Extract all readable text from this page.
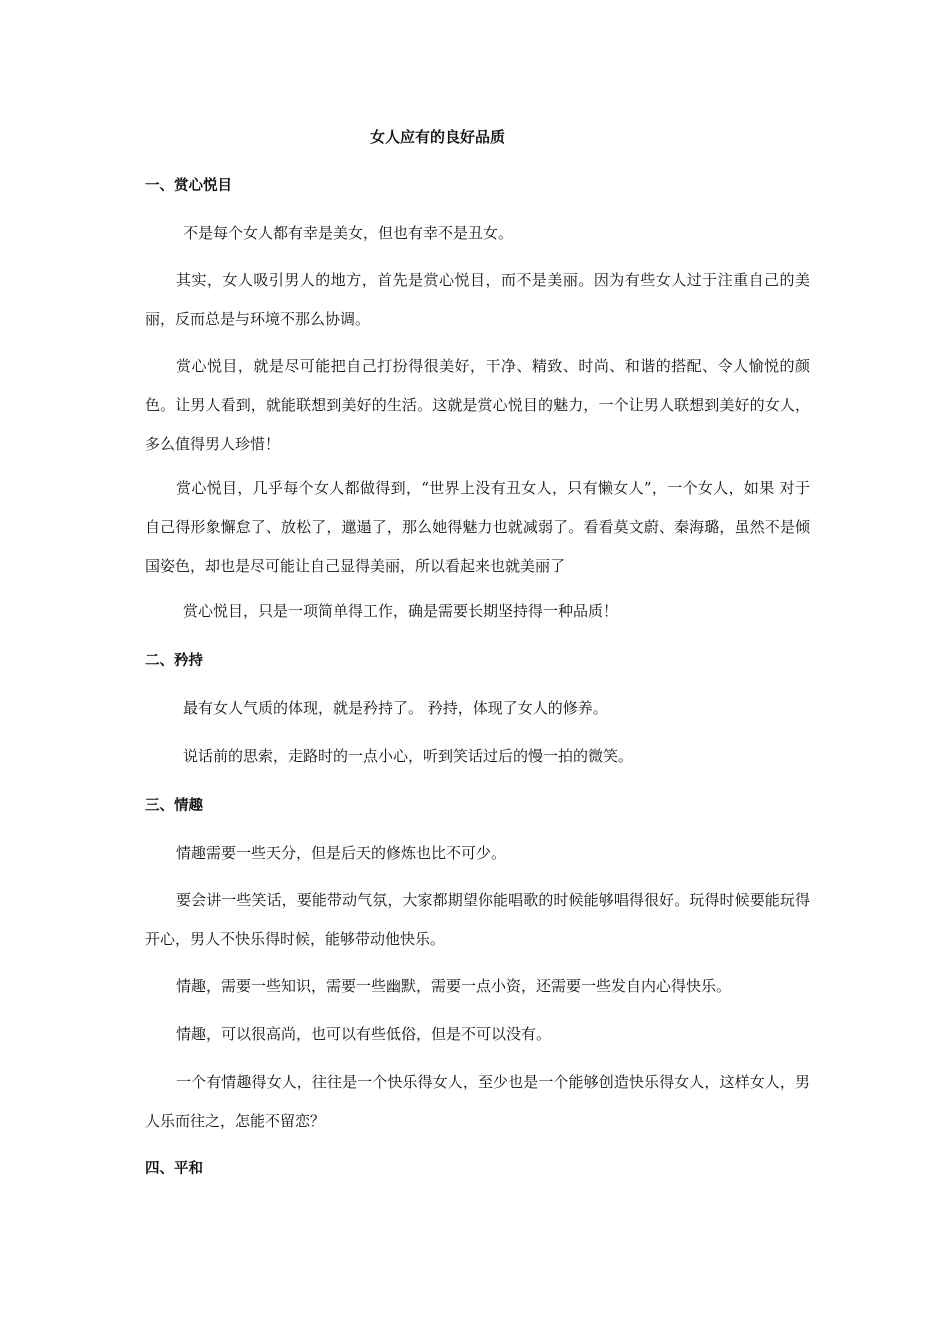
女人应有的良好品质
一、赏心悦目

不是每个女人都有幸是美女，但也有幸不是丑女。

其实，女人吸引男人的地方，首先是赏心悦目，而不是美丽。因为有些女人过于注重自己的美丽，反而总是与环境不那么协调。

赏心悦目，就是尽可能把自己打扮得很美好，干净、精致、时尚、和谐的搭配、令人愉悦的颜色。让男人看到，就能联想到美好的生活。这就是赏心悦目的魅力，一个让男人联想到美好的女人，多么值得男人珍惜！

赏心悦目，几乎每个女人都做得到，“世界上没有丑女人，只有懒女人”，一个女人，如果 对于自己得形象懈怠了、放松了，邋遢了，那么她得魅力也就减弱了。看看莫文蔚、秦海璐，虽然不是倾国姿色，却也是尽可能让自己显得美丽，所以看起来也就美丽了

赏心悦目，只是一项简单得工作，确是需要长期坚持得一种品质！

二、矜持

最有女人气质的体现，就是矜持了。 矜持，体现了女人的修养。

说话前的思索，走路时的一点小心，听到笑话过后的慢一拍的微笑。

三、情趣

情趣需要一些天分，但是后天的修炼也比不可少。

要会讲一些笑话，要能带动气氛，大家都期望你能唱歌的时候能够唱得很好。玩得时候要能玩得开心，男人不快乐得时候，能够带动他快乐。

情趣，需要一些知识，需要一些幽默，需要一点小资，还需要一些发自内心得快乐。

情趣，可以很高尚，也可以有些低俗，但是不可以没有。

一个有情趣得女人，往往是一个快乐得女人，至少也是一个能够创造快乐得女人，这样女人，男人乐而往之，怎能不留恋？

四、平和
